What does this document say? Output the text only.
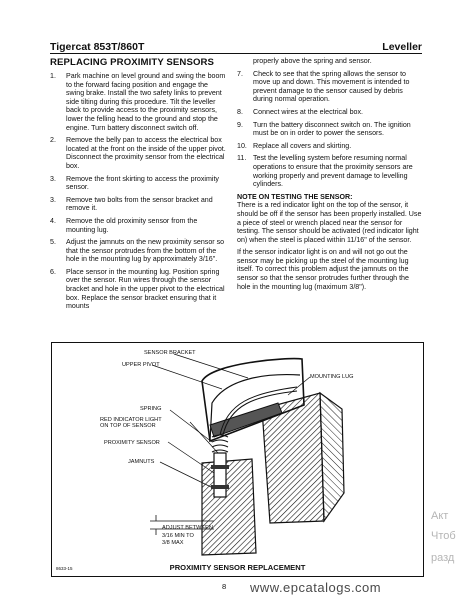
Tigercat 853T/860T	Leveller
REPLACING PROXIMITY SENSORS
1. Park machine on level ground and swing the boom to the forward facing position and engage the swing brake. Install the two safety links to prevent side tilting during this procedure. Tilt the leveller back to provide access to the proximity sensors, lower the felling head to the ground and stop the engine. Turn battery disconnect switch off.
2. Remove the belly pan to access the electrical box located at the front on the inside of the upper pivot. Disconnect the proximity sensor from the electrical box.
3. Remove the front skirting to access the proximity sensor.
3. Remove two bolts from the sensor bracket and remove it.
4. Remove the old proximity sensor from the mounting lug.
5. Adjust the jamnuts on the new proximity sensor so that the sensor protrudes from the bottom of the hole in the mounting lug by approximately 3/16".
6. Place sensor in the mounting lug. Position spring over the sensor. Run wires through the sensor bracket and hole in the upper pivot to the electrical box. Replace the sensor bracket ensuring that it mounts
properly above the spring and sensor.
7. Check to see that the spring allows the sensor to move up and down. This movement is intended to prevent damage to the sensor caused by debris during normal operation.
8. Connect wires at the electrical box.
9. Turn the battery disconnect switch on. The ignition must be on in order to power the sensors.
10. Replace all covers and skirting.
11. Test the levelling system before resuming normal operations to ensure that the proximity sensors are working properly and prevent damage to levelling cylinders.
NOTE ON TESTING THE SENSOR:
There is a red indicator light on the top of the sensor, it should be off if the sensor has been properly installed. Use a piece of steel or wrench placed near the sensor for testing. The sensor should be activated (red indicator light on) when the steel is placed within 11/16" of the sensor.
If the sensor indicator light is on and will not go out the sensor may be picking up the steel of the mounting lug itself. To correct this problem adjust the jamnuts on the sensor so that the sensor protrudes further through the hole in the mounting lug (maximum 3/8").
SENSOR BRACKET
UPPER PIVOT
MOUNTING LUG
SPRING
RED INDICATOR LIGHT
ON TOP OF SENSOR
PROXIMITY SENSOR
JAMNUTS
ADJUST BETWEEN
3/16 MIN TO
3/8 MAX
8633-15	PROXIMITY SENSOR REPLACEMENT
8 www.epcatalogs.com
Акт
Чтоб
разд
